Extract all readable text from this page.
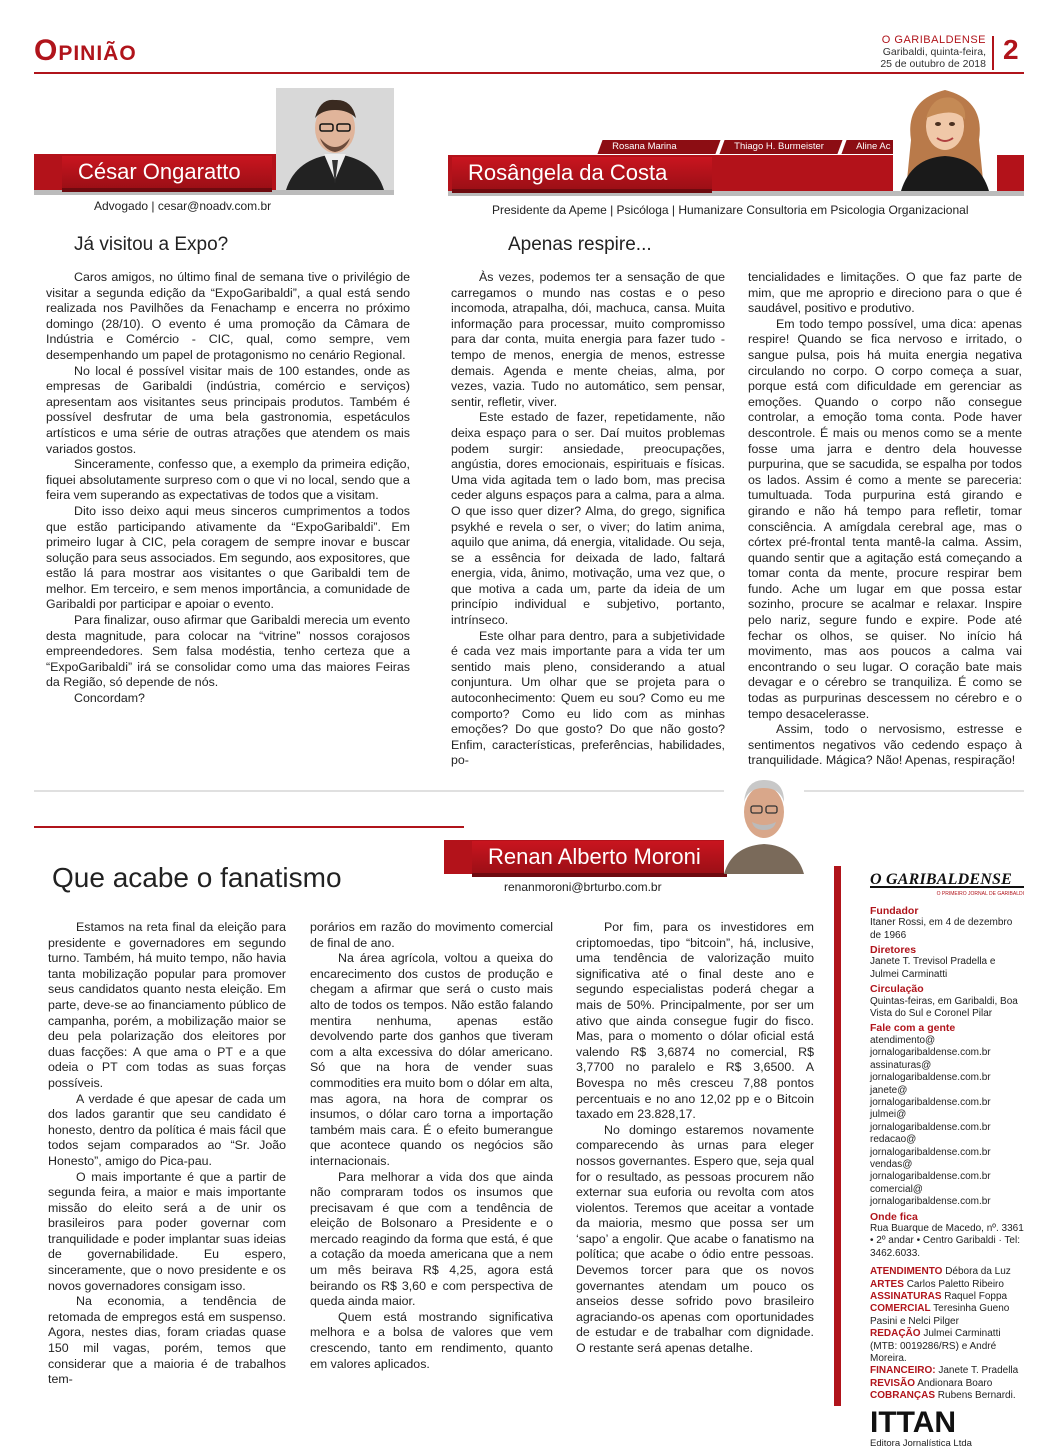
Opinião	O GARIBALDENSE
Garibaldi, quinta-feira,
25 de outubro de 2018 2
César Ongaratto
Advogado | cesar@noadv.com.br
Já visitou a Expo?

Caros amigos, no último final de semana tive o privilégio de visitar a segunda edição da “ExpoGaribaldi”, a qual está sendo realizada nos Pavilhões da Fenachamp e encerra no próximo domingo (28/10). O evento é uma promoção da Câmara de Indústria e Comércio - CIC, qual, como sempre, vem desempenhando um papel de protagonismo no cenário Regional.

No local é possível visitar mais de 100 estandes, onde as empresas de Garibaldi (indústria, comércio e serviços) apresentam aos visitantes seus principais produtos. Também é possível desfrutar de uma bela gastronomia, espetáculos artísticos e uma série de outras atrações que atendem os mais variados gostos.

Sinceramente, confesso que, a exemplo da primeira edição, fiquei absolutamente surpreso com o que vi no local, sendo que a feira vem superando as expectativas de todos que a visitam.

Dito isso deixo aqui meus sinceros cumprimentos a todos que estão participando ativamente da “ExpoGaribaldi”. Em primeiro lugar à CIC, pela coragem de sempre inovar e buscar solução para seus associados. Em segundo, aos expositores, que estão lá para mostrar aos visitantes o que Garibaldi tem de melhor. Em terceiro, e sem menos importância, a comunidade de Garibaldi por participar e apoiar o evento.

Para finalizar, ouso afirmar que Garibaldi merecia um evento desta magnitude, para colocar na “vitrine” nossos corajosos empreendedores. Sem falsa modéstia, tenho certeza que a “ExpoGaribaldi” irá se consolidar como uma das maiores Feiras da Região, só depende de nós.

Concordam?

Rosana Marina	Thiago H. Burmeister	Aline Ac
Rosângela da Costa
Presidente da Apeme | Psicóloga | Humanizare Consultoria em Psicologia Organizacional
Apenas respire...

Às vezes, podemos ter a sensação de que carregamos o mundo nas costas e o peso incomoda, atrapalha, dói, machuca, cansa. Muita informação para processar, muito compromisso para dar conta, muita energia para fazer tudo - tempo de menos, energia de menos, estresse demais. Agenda e mente cheias, alma, por vezes, vazia. Tudo no automático, sem pensar, sentir, refletir, viver.

Este estado de fazer, repetidamente, não deixa espaço para o ser. Daí muitos problemas podem surgir: ansiedade, preocupações, angústia, dores emocionais, espirituais e físicas. Uma vida agitada tem o lado bom, mas precisa ceder alguns espaços para a calma, para a alma. O que isso quer dizer? Alma, do grego, significa psykhé e revela o ser, o viver; do latim anima, aquilo que anima, dá energia, vitalidade. Ou seja, se a essência for deixada de lado, faltará energia, vida, ânimo, motivação, uma vez que, o que motiva a cada um, parte da ideia de um princípio individual e subjetivo, portanto, intrínseco.

Este olhar para dentro, para a subjetividade é cada vez mais importante para a vida ter um sentido mais pleno, considerando a atual conjuntura. Um olhar que se projeta para o autoconhecimento: Quem eu sou? Como eu me comporto? Como eu lido com as minhas emoções? Do que gosto? Do que não gosto? Enfim, características, preferências, habilidades, po-

tencialidades e limitações. O que faz parte de mim, que me aproprio e direciono para o que é saudável, positivo e produtivo.

Em todo tempo possível, uma dica: apenas respire! Quando se fica nervoso e irritado, o sangue pulsa, pois há muita energia negativa circulando no corpo. O corpo começa a suar, porque está com dificuldade em gerenciar as emoções. Quando o corpo não consegue controlar, a emoção toma conta. Pode haver descontrole. É mais ou menos como se a mente fosse uma jarra e dentro dela houvesse purpurina, que se sacudida, se espalha por todos os lados. Assim é como a mente se pareceria: tumultuada. Toda purpurina está girando e girando e não há tempo para refletir, tomar consciência. A amígdala cerebral age, mas o córtex pré-frontal tenta mantê-la calma. Assim, quando sentir que a agitação está começando a tomar conta da mente, procure respirar bem fundo. Ache um lugar em que possa estar sozinho, procure se acalmar e relaxar. Inspire pelo nariz, segure fundo e expire. Pode até fechar os olhos, se quiser. No início há movimento, mas aos poucos a calma vai encontrando o seu lugar. O coração bate mais devagar e o cérebro se tranquiliza. É como se todas as purpurinas descessem no cérebro e o tempo desacelerasse.

Assim, todo o nervosismo, estresse e sentimentos negativos vão cedendo espaço à tranquilidade. Mágica? Não! Apenas, respiração!

Renan Alberto Moroni
renanmoroni@brturbo.com.br
Que acabe o fanatismo

Estamos na reta final da eleição para presidente e governadores em segundo turno. Também, há muito tempo, não havia tanta mobilização popular para promover seus candidatos quanto nesta eleição. Em parte, deve-se ao financiamento público de campanha, porém, a mobilização maior se deu pela polarização dos eleitores por duas facções: A que ama o PT e a que odeia o PT com todas as suas forças possíveis.

A verdade é que apesar de cada um dos lados garantir que seu candidato é honesto, dentro da política é mais fácil que todos sejam comparados ao “Sr. João Honesto”, amigo do Pica-pau.

O mais importante é que a partir de segunda feira, a maior e mais importante missão do eleito será a de unir os brasileiros para poder governar com tranquilidade e poder implantar suas ideias de governabilidade. Eu espero, sinceramente, que o novo presidente e os novos governadores consigam isso.

Na economia, a tendência de retomada de empregos está em suspenso. Agora, nestes dias, foram criadas quase 150 mil vagas, porém, temos que considerar que a maioria é de trabalhos tem-

porários em razão do movimento comercial de final de ano.

Na área agrícola, voltou a queixa do encarecimento dos custos de produção e chegam a afirmar que será o custo mais alto de todos os tempos. Não estão falando mentira nenhuma, apenas estão devolvendo parte dos ganhos que tiveram com a alta excessiva do dólar americano. Só que na hora de vender suas commodities era muito bom o dólar em alta, mas agora, na hora de comprar os insumos, o dólar caro torna a importação também mais cara. É o efeito bumerangue que acontece quando os negócios são internacionais.

Para melhorar a vida dos que ainda não compraram todos os insumos que precisavam é que com a tendência de eleição de Bolsonaro a Presidente e o mercado reagindo da forma que está, é que a cotação da moeda americana que a nem um mês beirava R$ 4,25, agora está beirando os R$ 3,60 e com perspectiva de queda ainda maior.

Quem está mostrando significativa melhora e a bolsa de valores que vem crescendo, tanto em rendimento, quanto em valores aplicados.

Por fim, para os investidores em criptomoedas, tipo “bitcoin”, há, inclusive, uma tendência de valorização muito significativa até o final deste ano e segundo especialistas poderá chegar a mais de 50%. Principalmente, por ser um ativo que ainda consegue fugir do fisco. Mas, para o momento o dólar oficial está valendo R$ 3,6874 no comercial, R$ 3,7700 no paralelo e R$ 3,6500. A Bovespa no mês cresceu 7,88 pontos percentuais e no ano 12,02 pp e o Bitcoin taxado em 23.828,17.

No domingo estaremos novamente comparecendo às urnas para eleger nossos governantes. Espero que, seja qual for o resultado, as pessoas procurem não externar sua euforia ou revolta com atos violentos. Teremos que aceitar a vontade da maioria, mesmo que possa ser um ‘sapo’ a engolir. Que acabe o fanatismo na política; que acabe o ódio entre pessoas. Devemos torcer para que os novos governantes atendam um pouco os anseios desse sofrido povo brasileiro agraciando-os apenas com oportunidades de estudar e de trabalhar com dignidade. O restante será apenas detalhe.

O GARIBALDENSE
O PRIMEIRO JORNAL DE GARIBALDI
Fundador
Itaner Rossi, em 4 de dezembro de 1966
Diretores
Janete T. Trevisol Pradella e Julmei Carminatti
Circulação
Quintas-feiras, em Garibaldi, Boa Vista do Sul e Coronel Pilar
Fale com a gente
atendimento@
jornalogaribaldense.com.br
assinaturas@
jornalogaribaldense.com.br
janete@
jornalogaribaldense.com.br
julmei@
jornalogaribaldense.com.br
redacao@
jornalogaribaldense.com.br
vendas@
jornalogaribaldense.com.br
comercial@
jornalogaribaldense.com.br
Onde fica
Rua Buarque de Macedo, nº. 3361 • 2º andar • Centro Garibaldi · Tel: 3462.6033.
ATENDIMENTO Débora da Luz
ARTES Carlos Paletto Ribeiro
ASSINATURAS Raquel Foppa
COMERCIAL Teresinha Gueno Pasini e Nelci Pilger
REDAÇÃO Julmei Carminatti (MTB: 0019286/RS) e André Moreira.
FINANCEIRO: Janete T. Pradella
REVISÃO Andionara Boaro
COBRANÇAS Rubens Bernardi.
ITTAN
Editora Jornalística Ltda
